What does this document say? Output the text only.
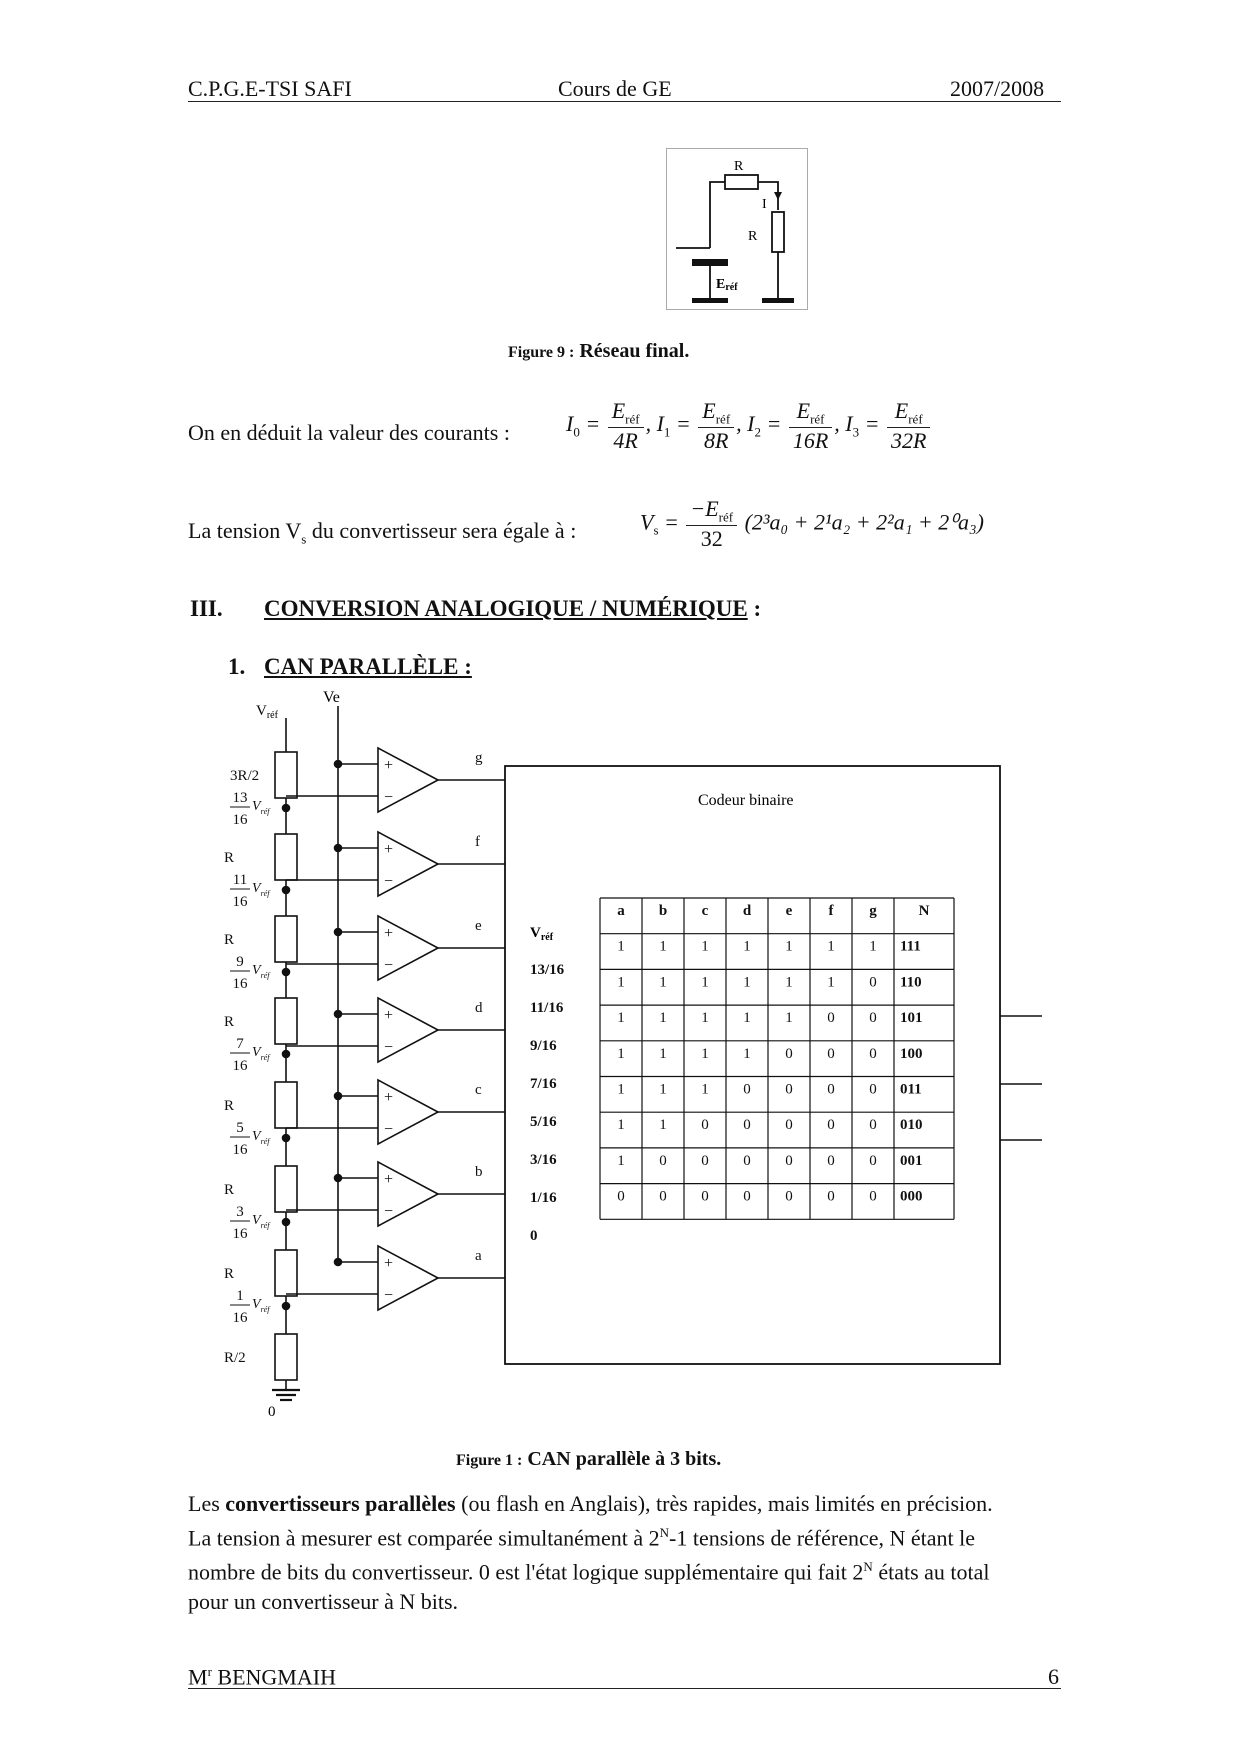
C.P.G.E-TSI SAFI	Cours de GE	2007/2008
R
I
R
Eréf
Figure 9 : Réseau final.
On en déduit la valeur des courants :	$I_0 = \frac{E_{réf}}{4R}$ , $I_1 = \frac{E_{réf}}{8R}$ , $I_2 = \frac{E_{réf}}{16R}$ , $I_3 = \frac{E_{réf}}{32R}$
La tension $V_s$ du convertisseur sera égale à :	$V_s = \frac{-E_{réf}}{32} (2^3a_0 + 2^1a_2 + 2^2a_1 + 2^0a_3)$
III. CONVERSION ANALOGIQUE / NUMÉRIQUE :
1. CAN PARALLÈLE :
+
−
g
+
−
f
+
−
e
+
−
d
+
−
c
+
−
b
+
−
a
3R/2
R
R
R
R
R
R
R/2
13
16
$V_{réf}$
11
16
$V_{réf}$
9
16
$V_{réf}$
7
16
$V_{réf}$
5
16
$V_{réf}$
3
16
$V_{réf}$
1
16
$V_{réf}$
$V_{réf}$
Ve
0
Codeur binaire
$V_{réf}$
13/16
11/16
9/16
7/16
5/16
3/16
1/16
0
a b c d e f g	N
1 1 1 1 1 1 1 111
1 1 1 1 1 1 0 110
1 1 1 1 1 0 0 101
1 1 1 1 0 0 0 100
1 1 1 0 0 0 0 011
1 1 0 0 0 0 0 010
1 0 0 0 0 0 0 001
0 0 0 0 0 0 0 000
Figure 1 : CAN parallèle à 3 bits.
Les convertisseurs parallèles (ou flash en Anglais), très rapides, mais limités en précision. La tension à mesurer est comparée simultanément à $2^N-1$ tensions de référence, N étant le nombre de bits du convertisseur. 0 est l'état logique supplémentaire qui fait $2^N$ états au total pour un convertisseur à N bits.
$M^r$ BENGMAIH	6
